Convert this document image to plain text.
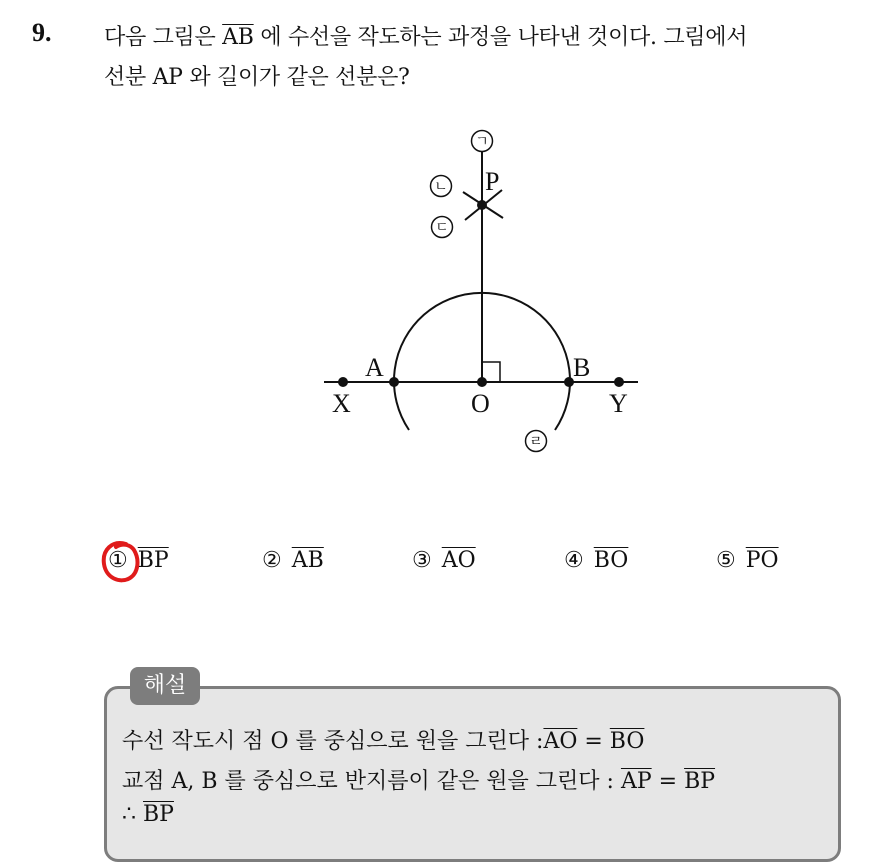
9. 다음 그림은 $\overline{AB}$ 에 수선을 작도하는 과정을 나타낸 것이다. 그림에서
선분 AP 와 길이가 같은 선분은?
P
A	B
X	O	Y
ㄱ
ㄴ
ㄷ
ㄹ
① $\overline{BP}$	② $\overline{AB}$	③ $\overline{AO}$	④ $\overline{BO}$	⑤ $\overline{PO}$
해설
수선 작도시 점 O 를 중심으로 원을 그린다 $:\overline{AO} = \overline{BO}$
교점 A, B 를 중심으로 반지름이 같은 원을 그린다 : $\overline{AP} = \overline{BP}$
∴ $\overline{BP}$
